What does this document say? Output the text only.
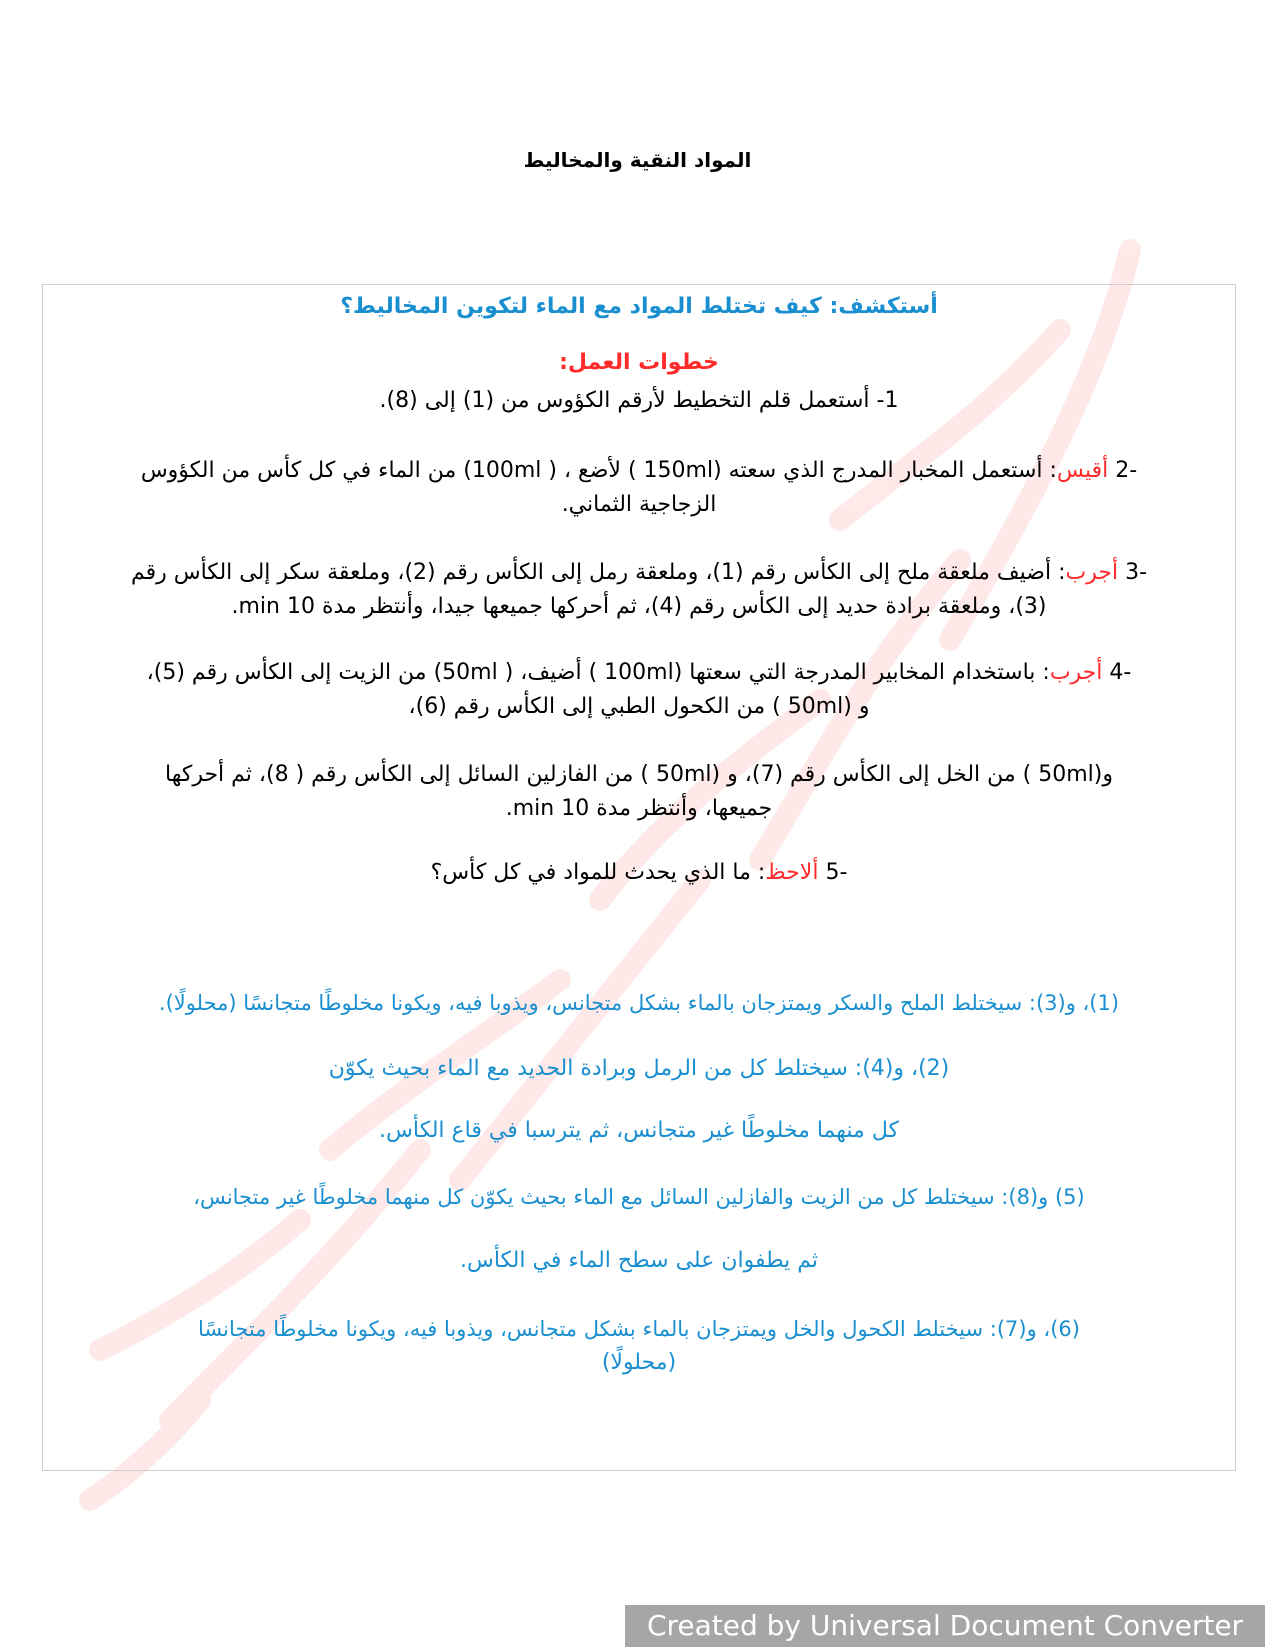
المواد النقية والمخاليط

أستكشف: كيف تختلط المواد مع الماء لتكوين المخاليط؟

خطوات العمل:

1- أستعمل قلم التخطيط لأرقم الكؤوس من (1) إلى (8).

-2 أقيس: أستعمل المخبار المدرج الذي سعته (150ml ) لأضع ، ( 100ml) من الماء في كل كأس من الكؤوس

الزجاجية الثماني.

-3 أجرب: أضيف ملعقة ملح إلى الكأس رقم (1)، وملعقة رمل إلى الكأس رقم (2)، وملعقة سكر إلى الكأس رقم

(3)، وملعقة برادة حديد إلى الكأس رقم (4)، ثم أحركها جميعها جيدا، وأنتظر مدة 10 min.

-4 أجرب: باستخدام المخابير المدرجة التي سعتها (100ml ) أضيف، ( 50ml) من الزيت إلى الكأس رقم (5)،

و (50ml ) من الكحول الطبي إلى الكأس رقم (6)،

و(50ml ) من الخل إلى الكأس رقم (7)، و (50ml ) من الفازلين السائل إلى الكأس رقم ( 8)، ثم أحركها

جميعها، وأنتظر مدة 10 min.

-5 ألاحظ: ما الذي يحدث للمواد في كل كأس؟

(1)، و(3): سيختلط الملح والسكر ويمتزجان بالماء بشكل متجانس، ويذوبا فيه، ويكونا مخلوطًا متجانسًا (محلولًا).

(2)، و(4): سيختلط كل من الرمل وبرادة الحديد مع الماء بحيث يكوّن

كل منهما مخلوطًا غير متجانس، ثم يترسبا في قاع الكأس.

(5) و(8): سيختلط كل من الزيت والفازلين السائل مع الماء بحيث يكوّن كل منهما مخلوطًا غير متجانس،

ثم يطفوان على سطح الماء في الكأس.

(6)، و(7): سيختلط الكحول والخل ويمتزجان بالماء بشكل متجانس، ويذوبا فيه، ويكونا مخلوطًا متجانسًا

(محلولًا)

Created by Universal Document Converter
